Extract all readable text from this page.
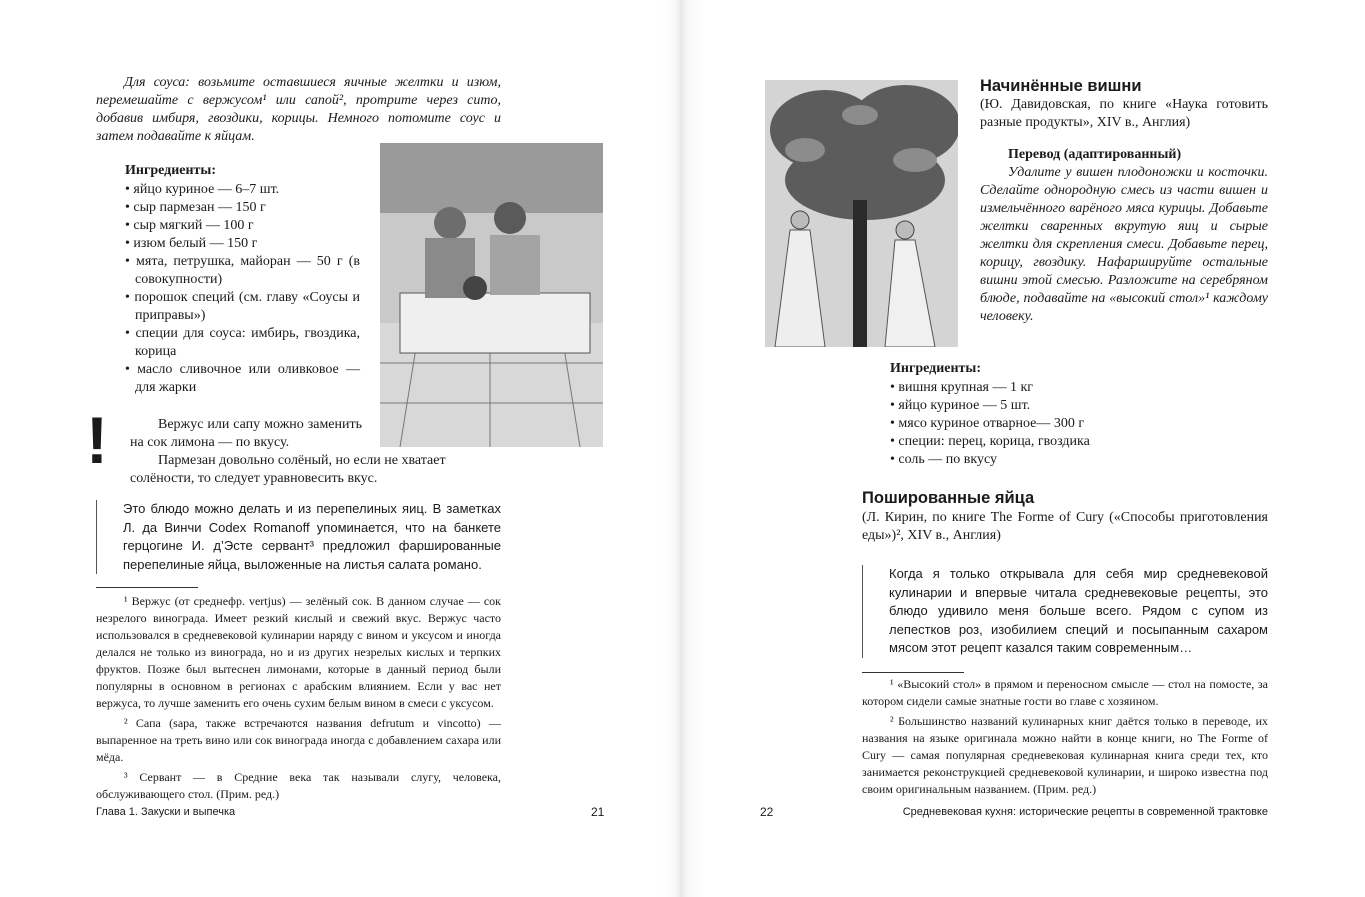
Для соуса: возьмите оставшиеся яичные желтки и изюм, перемешайте с вержусом¹ или сапой², протрите через сито, добавив имбиря, гвоздики, корицы. Немного потомите соус и затем подавайте к яйцам.

Ингредиенты:
• яйцо куриное — 6–7 шт.
• сыр пармезан — 150 г
• сыр мягкий — 100 г
• изюм белый — 150 г
• мята, петрушка, майоран — 50 г (в совокупности)
• порошок специй (см. главу «Соусы и приправы»)
• специи для соуса: имбирь, гвоздика, корица
• масло сливочное или оливковое — для жарки
!	Вержус или сапу можно заменить на сок лимона — по вкусу.

Пармезан довольно солёный, но если не хватает солёности, то следует уравновесить вкус.

Это блюдо можно делать и из перепелиных яиц. В заметках Л. да Винчи Codex Romanoff упоминается, что на банкете герцогине И. д’Эсте сервант³ предложил фаршированные перепелиные яйца, выложенные на листья салата романо.

¹ Вержус (от среднефр. vertjus) — зелёный сок. В данном случае — сок незрелого винограда. Имеет резкий кислый и свежий вкус. Вержус часто использовался в средневековой кулинарии наряду с вином и уксусом и иногда делался не только из винограда, но и из других незрелых кислых и терпких фруктов. Позже был вытеснен лимонами, которые в данный период были популярны в основном в регионах с арабским влиянием. Если у вас нет вержуса, то лучше заменить его очень сухим белым вином в смеси с уксусом.

² Сапа (sapa, также встречаются названия defrutum и vincotto) — выпаренное на треть вино или сок винограда иногда с добавлением сахара или мёда.

³ Сервант — в Средние века так называли слугу, человека, обслуживающего стол. (Прим. ред.)

Глава 1. Закуски и выпечка	21
Начинённые вишни

(Ю. Давидовская, по книге «Наука готовить разные продукты», XIV в., Англия)

Перевод (адаптированный)

Удалите у вишен плодоножки и косточки. Сделайте однородную смесь из части вишен и измельчённого варёного мяса курицы. Добавьте желтки сваренных вкрутую яиц и сырые желтки для скрепления смеси. Добавьте перец, корицу, гвоздику. Нафаршируйте остальные вишни этой смесью. Разложите на серебряном блюде, подавайте на «высокий стол»¹ каждому человеку.

Ингредиенты:
• вишня крупная — 1 кг
• яйцо куриное — 5 шт.
• мясо куриное отварное— 300 г
• специи: перец, корица, гвоздика
• соль — по вкусу
Пошированные яйца

(Л. Кирин, по книге The Forme of Cury («Способы приготовления еды»)², XIV в., Англия)

Когда я только открывала для себя мир средневековой кулинарии и впервые читала средневековые рецепты, это блюдо удивило меня больше всего. Рядом с супом из лепестков роз, изобилием специй и посыпанным сахаром мясом этот рецепт казался таким современным…

¹ «Высокий стол» в прямом и переносном смысле — стол на помосте, за котором сидели самые знатные гости во главе с хозяином.

² Большинство названий кулинарных книг даётся только в переводе, их названия на языке оригинала можно найти в конце книги, но The Forme of Cury — самая популярная средневековая кулинарная книга среди тех, кто занимается реконструкцией средневековой кулинарии, и широко известна под своим оригинальным названием. (Прим. ред.)

22	Средневековая кухня: исторические рецепты в современной трактовке
